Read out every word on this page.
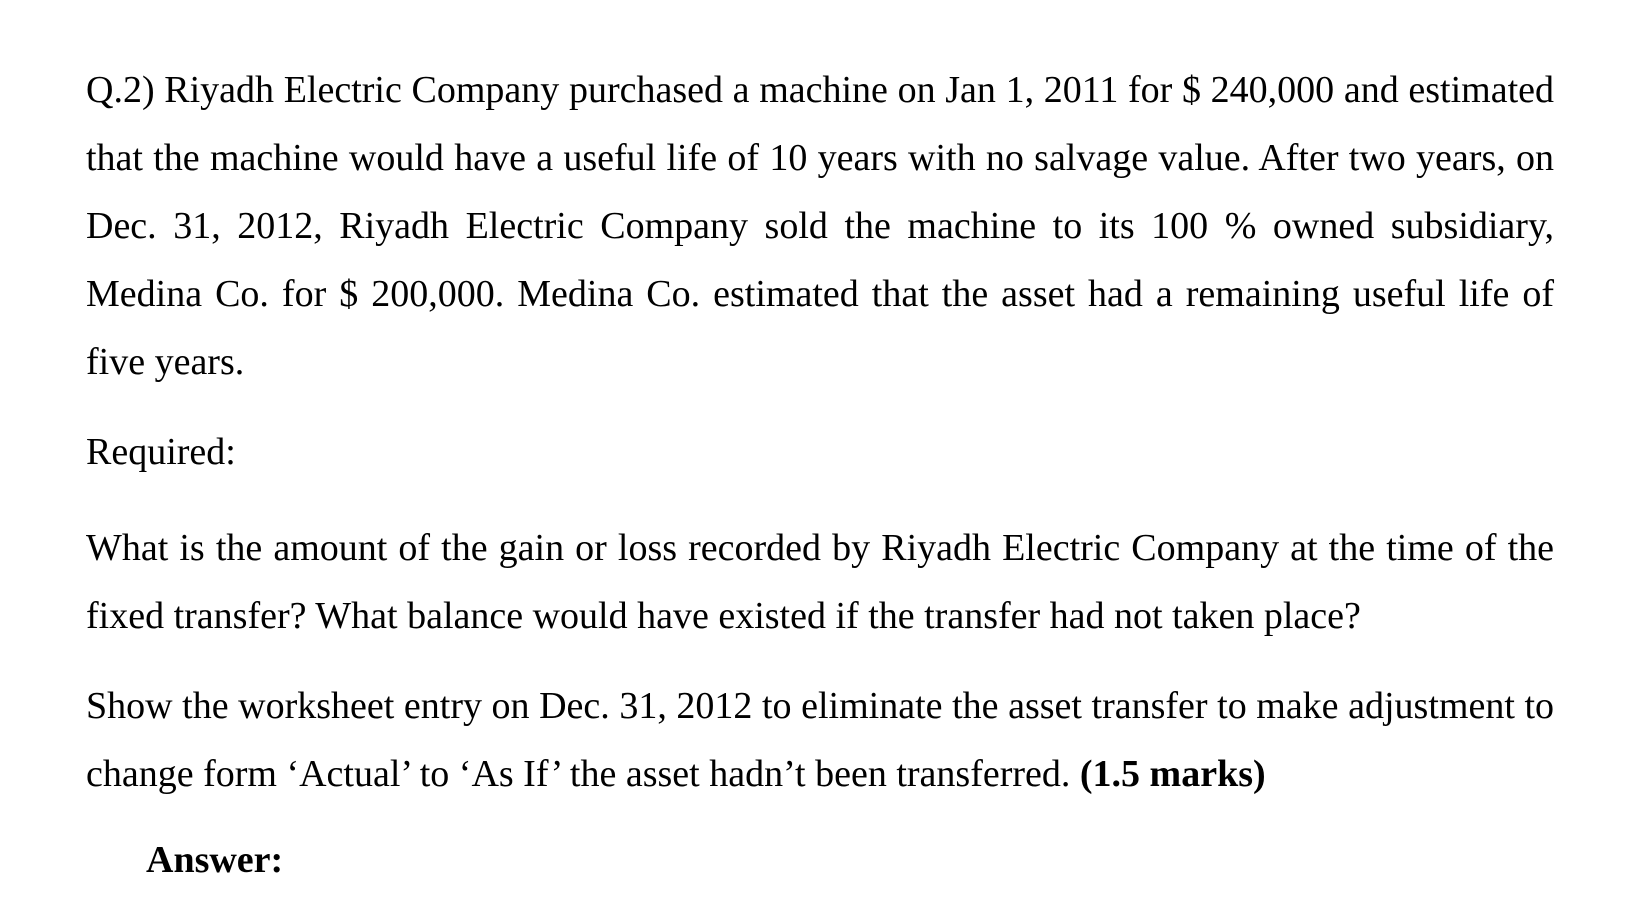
Q.2) Riyadh Electric Company purchased a machine on Jan 1, 2011 for $ 240,000 and estimated that the machine would have a useful life of 10 years with no salvage value. After two years, on Dec. 31, 2012, Riyadh Electric Company sold the machine to its 100 % owned subsidiary, Medina Co. for $ 200,000. Medina Co. estimated that the asset had a remaining useful life of five years.

Required:

What is the amount of the gain or loss recorded by Riyadh Electric Company at the time of the fixed transfer? What balance would have existed if the transfer had not taken place?

Show the worksheet entry on Dec. 31, 2012 to eliminate the asset transfer to make adjustment to change form ‘Actual’ to ‘As If’ the asset hadn’t been transferred. (1.5 marks)

Answer:
